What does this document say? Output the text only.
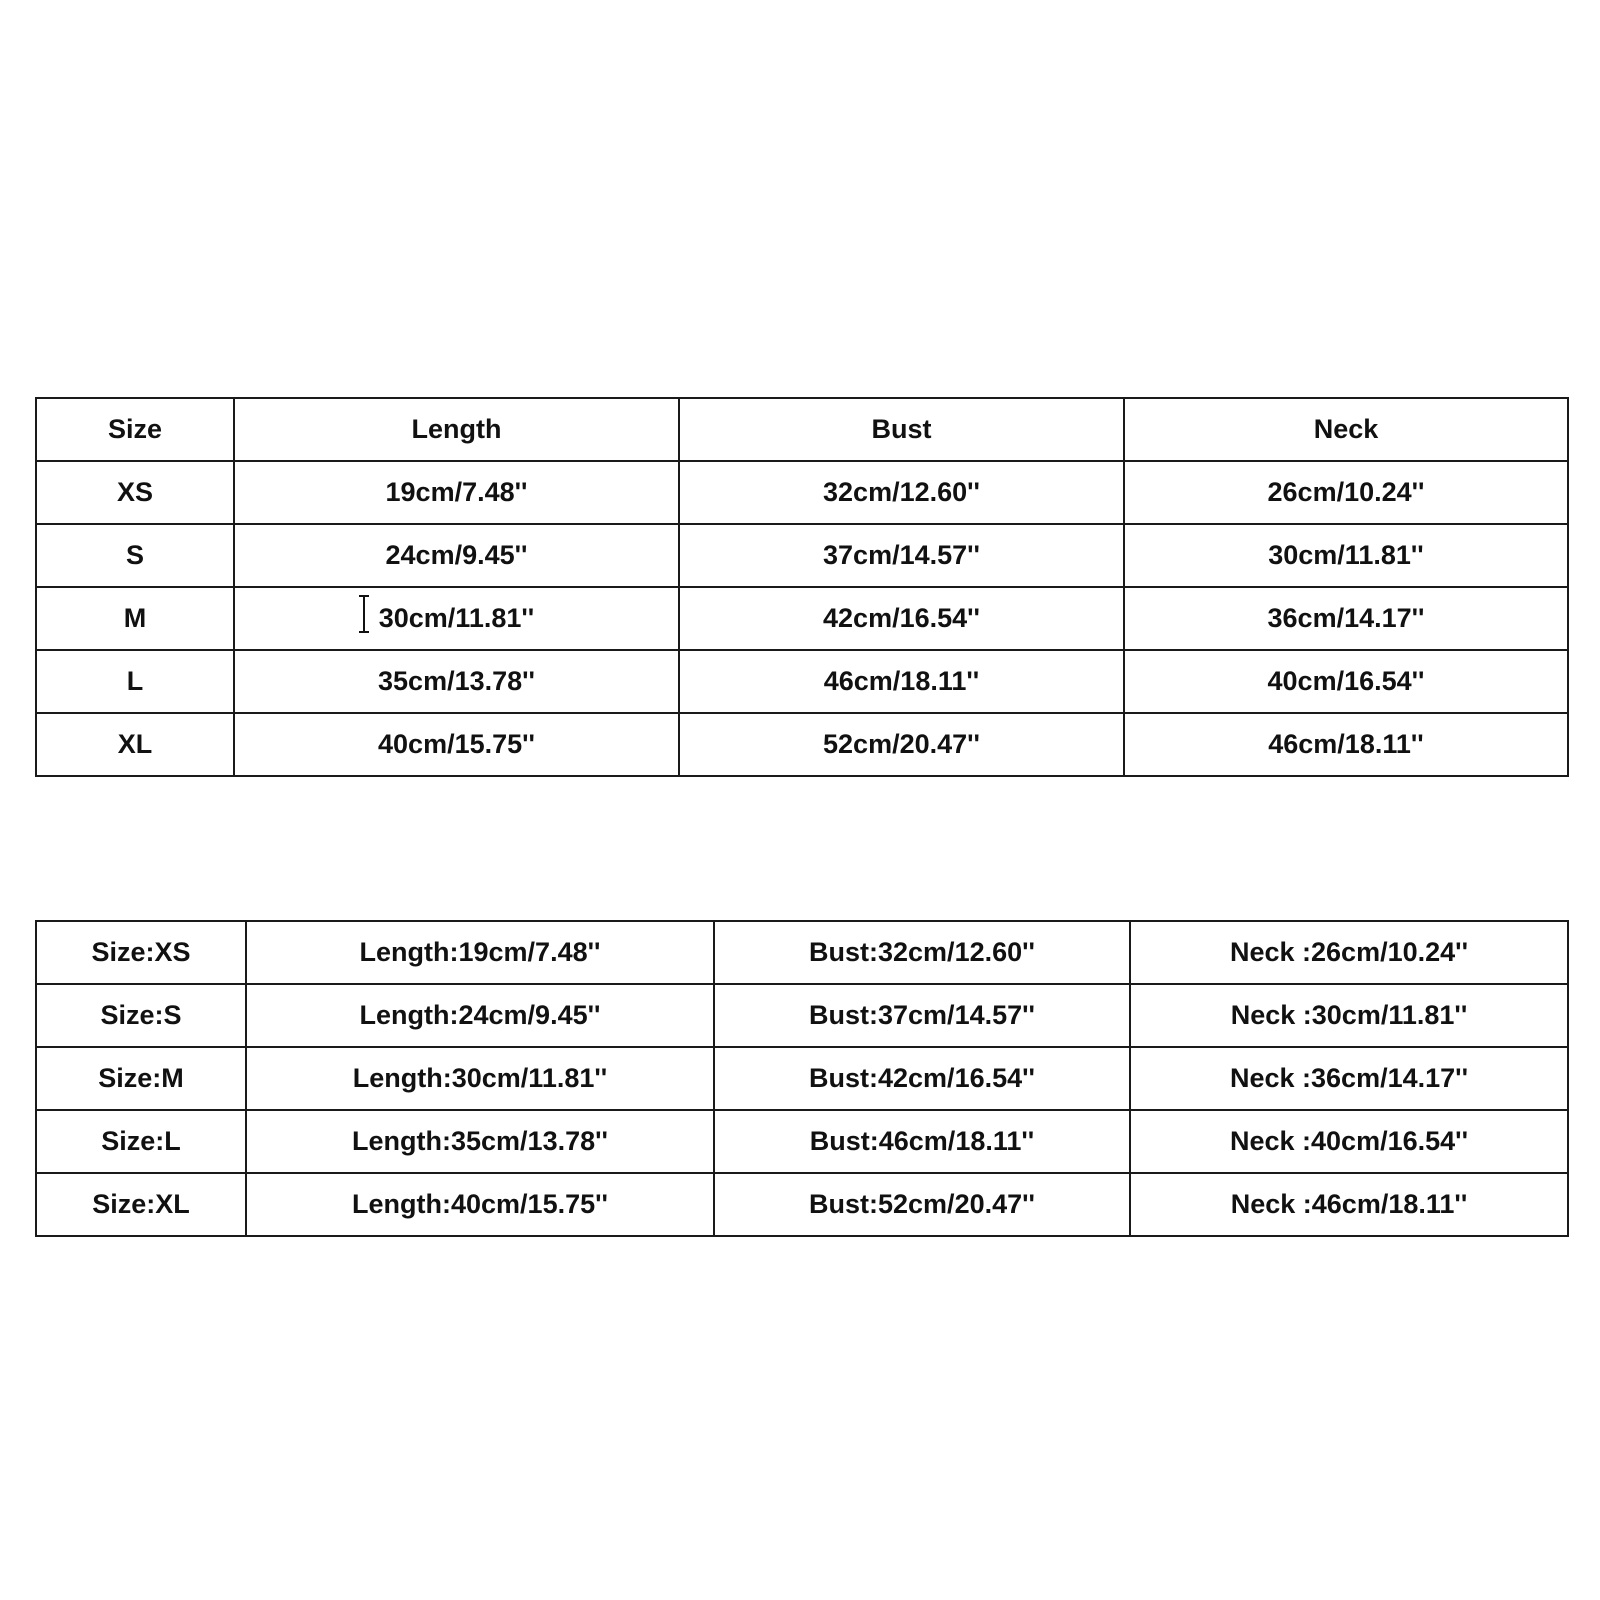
Size	Length	Bust	Neck
XS	19cm/7.48''	32cm/12.60''	26cm/10.24''
S	24cm/9.45''	37cm/14.57''	30cm/11.81''
M	30cm/11.81''	42cm/16.54''	36cm/14.17''
L	35cm/13.78''	46cm/18.11''	40cm/16.54''
XL	40cm/15.75''	52cm/20.47''	46cm/18.11''
Size:XS	Length:19cm/7.48''	Bust:32cm/12.60''	Neck :26cm/10.24''
Size:S	Length:24cm/9.45''	Bust:37cm/14.57''	Neck :30cm/11.81''
Size:M	Length:30cm/11.81''	Bust:42cm/16.54''	Neck :36cm/14.17''
Size:L	Length:35cm/13.78''	Bust:46cm/18.11''	Neck :40cm/16.54''
Size:XL	Length:40cm/15.75''	Bust:52cm/20.47''	Neck :46cm/18.11''
